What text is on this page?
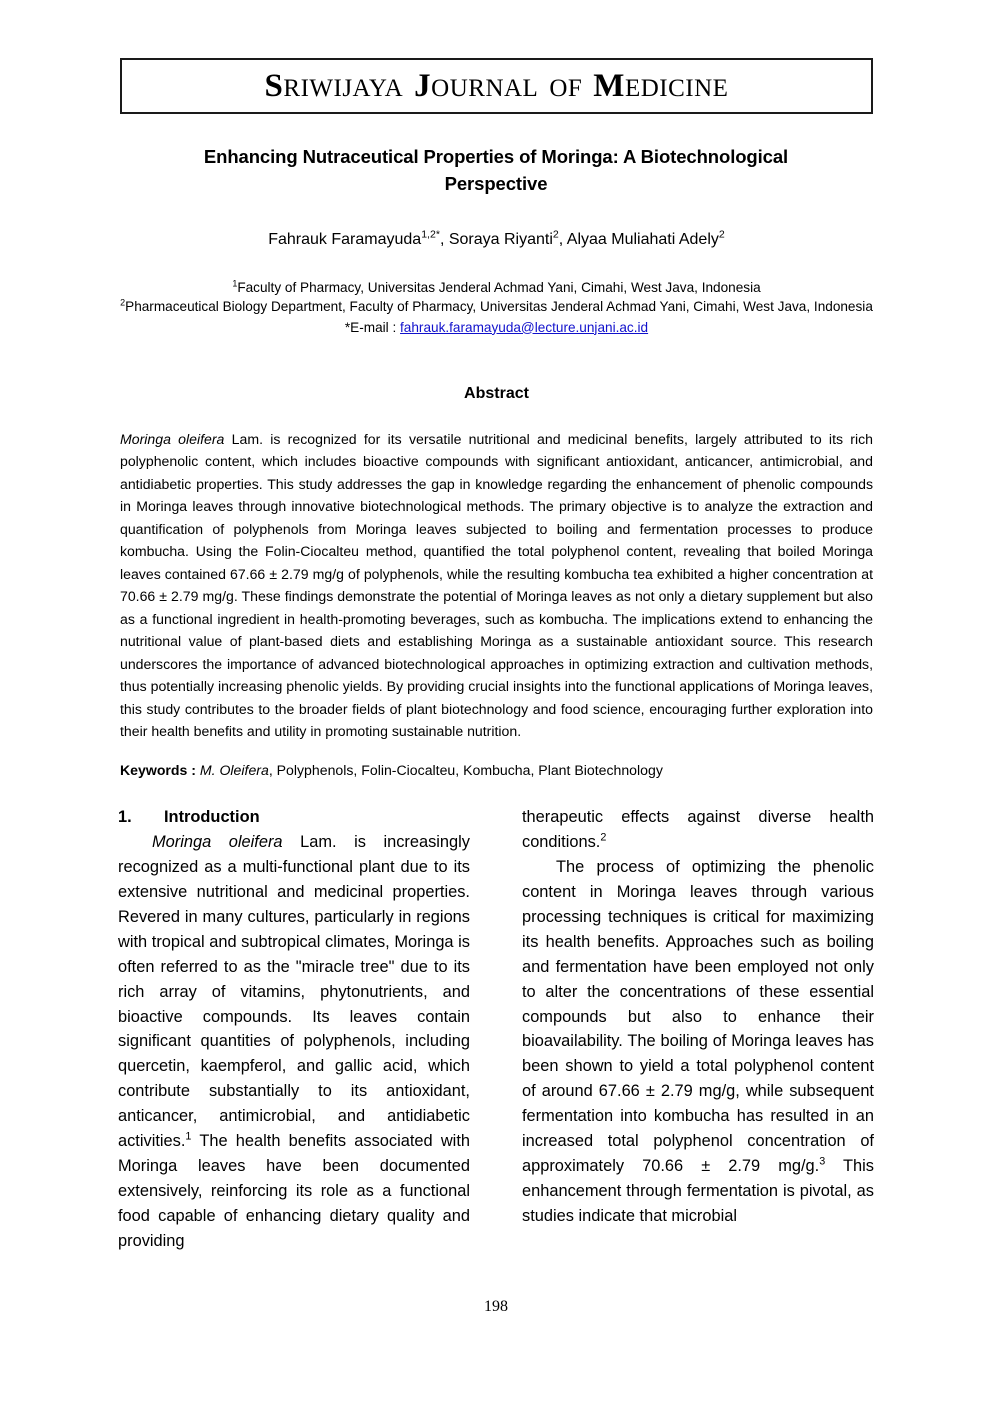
SRIWIJAYA JOURNAL OF MEDICINE
Enhancing Nutraceutical Properties of Moringa: A Biotechnological Perspective
Fahrauk Faramayuda$^{1,2*}$, Soraya Riyanti$^2$, Alyaa Muliahati Adely$^2$
$^1$Faculty of Pharmacy, Universitas Jenderal Achmad Yani, Cimahi, West Java, Indonesia
$^2$Pharmaceutical Biology Department, Faculty of Pharmacy, Universitas Jenderal Achmad Yani, Cimahi, West Java, Indonesia
*E-mail : fahrauk.faramayuda@lecture.unjani.ac.id
Abstract
Moringa oleifera Lam. is recognized for its versatile nutritional and medicinal benefits, largely attributed to its rich polyphenolic content, which includes bioactive compounds with significant antioxidant, anticancer, antimicrobial, and antidiabetic properties. This study addresses the gap in knowledge regarding the enhancement of phenolic compounds in Moringa leaves through innovative biotechnological methods. The primary objective is to analyze the extraction and quantification of polyphenols from Moringa leaves subjected to boiling and fermentation processes to produce kombucha. Using the Folin-Ciocalteu method, quantified the total polyphenol content, revealing that boiled Moringa leaves contained 67.66 ± 2.79 mg/g of polyphenols, while the resulting kombucha tea exhibited a higher concentration at 70.66 ± 2.79 mg/g. These findings demonstrate the potential of Moringa leaves as not only a dietary supplement but also as a functional ingredient in health-promoting beverages, such as kombucha. The implications extend to enhancing the nutritional value of plant-based diets and establishing Moringa as a sustainable antioxidant source. This research underscores the importance of advanced biotechnological approaches in optimizing extraction and cultivation methods, thus potentially increasing phenolic yields. By providing crucial insights into the functional applications of Moringa leaves, this study contributes to the broader fields of plant biotechnology and food science, encouraging further exploration into their health benefits and utility in promoting sustainable nutrition.
Keywords : M. Oleifera, Polyphenols, Folin-Ciocalteu, Kombucha, Plant Biotechnology
1. Introduction

Moringa oleifera Lam. is increasingly recognized as a multi-functional plant due to its extensive nutritional and medicinal properties. Revered in many cultures, particularly in regions with tropical and subtropical climates, Moringa is often referred to as the "miracle tree" due to its rich array of vitamins, phytonutrients, and bioactive compounds. Its leaves contain significant quantities of polyphenols, including quercetin, kaempferol, and gallic acid, which contribute substantially to its antioxidant, anticancer, antimicrobial, and antidiabetic activities.$^1$ The health benefits associated with Moringa leaves have been documented extensively, reinforcing its role as a functional food capable of enhancing dietary quality and providing

therapeutic effects against diverse health conditions.$^2$

The process of optimizing the phenolic content in Moringa leaves through various processing techniques is critical for maximizing its health benefits. Approaches such as boiling and fermentation have been employed not only to alter the concentrations of these essential compounds but also to enhance their bioavailability. The boiling of Moringa leaves has been shown to yield a total polyphenol content of around 67.66 ± 2.79 mg/g, while subsequent fermentation into kombucha has resulted in an increased total polyphenol concentration of approximately 70.66 ± 2.79 mg/g.$^3$ This enhancement through fermentation is pivotal, as studies indicate that microbial

198
